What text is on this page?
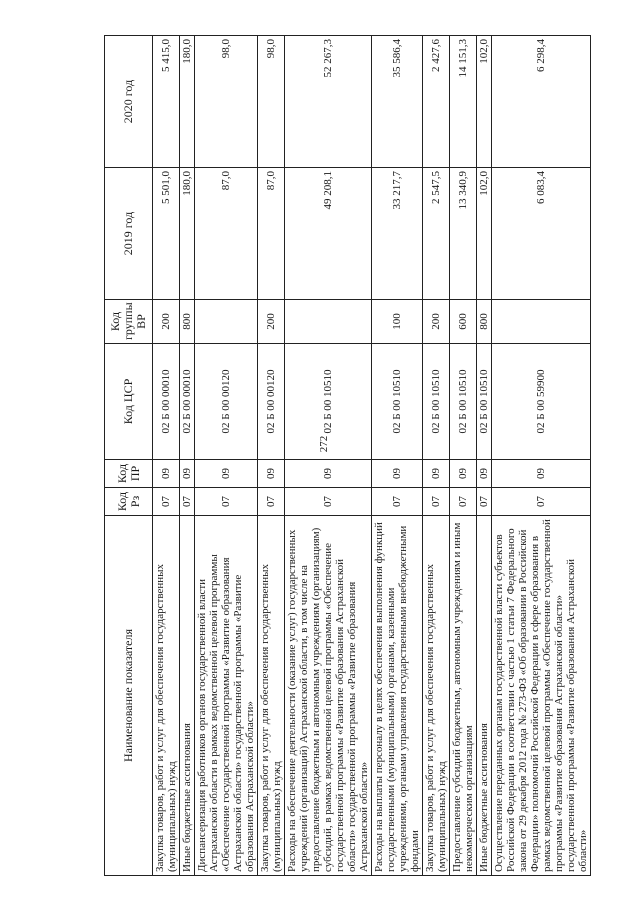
272
Наименование показателя	Код Рз	Код ПР	Код ЦСР	Код группы ВР	2019 год	2020 год
Закупка товаров, работ и услуг для обеспечения государственных (муниципальных) нужд	07	09	02 Б 00 00010	200	5 501,0	5 415,0
Иные бюджетные ассигнования	07	09	02 Б 00 00010	800	180,0	180,0
Диспансеризация работников органов государственной власти Астраханской области в рамках ведомственной целевой программы «Обеспечение государственной программы «Развитие образования Астраханской области» государственной программы «Развитие образования Астраханской области»	07	09	02 Б 00 00120		87,0	98,0
Закупка товаров, работ и услуг для обеспечения государственных (муниципальных) нужд	07	09	02 Б 00 00120	200	87,0	98,0
Расходы на обеспечение деятельности (оказание услуг) государственных учреждений (организаций) Астраханской области, в том числе на предоставление бюджетным и автономным учреждениям (организациям) субсидий, в рамках ведомственной целевой программы «Обеспечение государственной программы «Развитие образования Астраханской области» государственной программы «Развитие образования Астраханской области»	07	09	02 Б 00 10510		49 208,1	52 267,3
Расходы на выплаты персоналу в целях обеспечения выполнения функций государственными (муниципальными) органами, казенными учреждениями, органами управления государственными внебюджетными фондами	07	09	02 Б 00 10510	100	33 217,7	35 586,4
Закупка товаров, работ и услуг для обеспечения государственных (муниципальных) нужд	07	09	02 Б 00 10510	200	2 547,5	2 427,6
Предоставление субсидий бюджетным, автономным учреждениям и иным некоммерческим организациям	07	09	02 Б 00 10510	600	13 340,9	14 151,3
Иные бюджетные ассигнования	07	09	02 Б 00 10510	800	102,0	102,0
Осуществление переданных органам государственной власти субъектов Российской Федерации в соответствии с частью 1 статьи 7 Федерального закона от 29 декабря 2012 года № 273-ФЗ «Об образовании в Российской Федерации» полномочий Российской Федерации в сфере образования в рамках ведомственной целевой программы «Обеспечение государственной программы «Развитие образования Астраханской области» государственной программы «Развитие образования Астраханской области»	07	09	02 Б 00 59900		6 083,4	6 298,4
